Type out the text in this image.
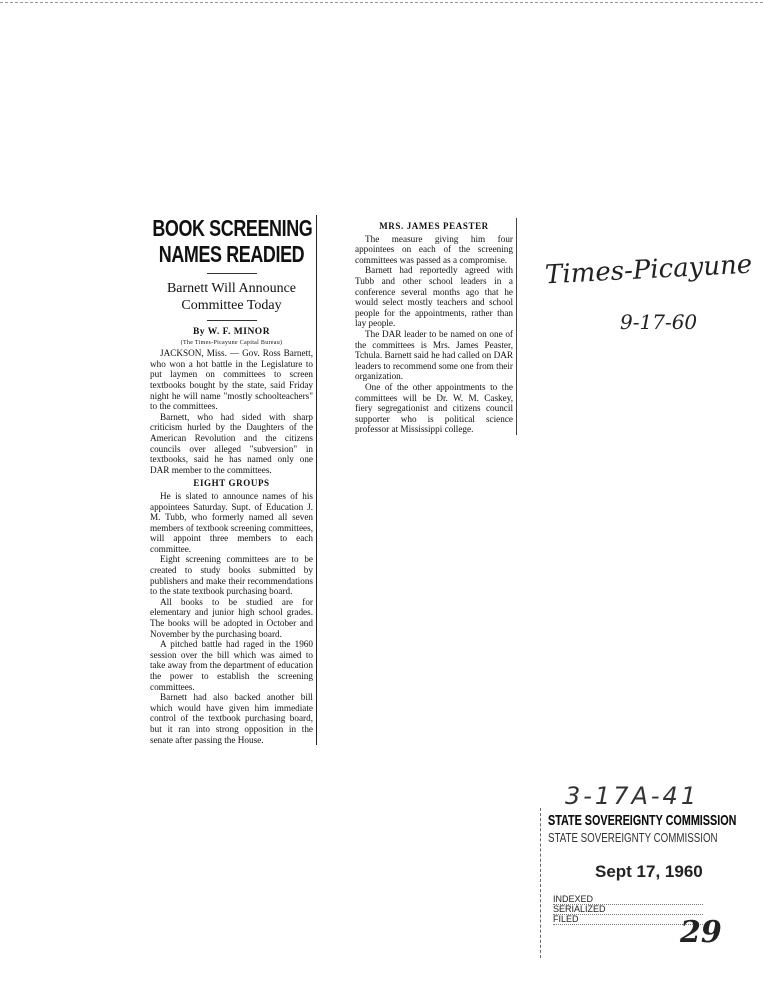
BOOK SCREENING
NAMES READIED
Barnett Will Announce
Committee Today
By W. F. MINOR
(The Times-Picayune Capital Bureau)

JACKSON, Miss. — Gov. Ross Barnett, who won a hot battle in the Legislature to put laymen on committees to screen textbooks bought by the state, said Friday night he will name "mostly schoolteachers" to the committees.

Barnett, who had sided with sharp criticism hurled by the Daughters of the American Revolution and the citizens councils over alleged "subversion" in textbooks, said he has named only one DAR member to the committees.

EIGHT GROUPS

He is slated to announce names of his appointees Saturday. Supt. of Education J. M. Tubb, who formerly named all seven members of textbook screening committees, will appoint three members to each committee.

Eight screening committees are to be created to study books submitted by publishers and make their recommendations to the state textbook purchasing board.

All books to be studied are for elementary and junior high school grades. The books will be adopted in October and November by the purchasing board.

A pitched battle had raged in the 1960 session over the bill which was aimed to take away from the department of education the power to establish the screening committees.

Barnett had also backed another bill which would have given him immediate control of the textbook purchasing board, but it ran into strong opposition in the senate after passing the House.

MRS. JAMES PEASTER

The measure giving him four appointees on each of the screening committees was passed as a compromise.

Barnett had reportedly agreed with Tubb and other school leaders in a conference several months ago that he would select mostly teachers and school people for the appointments, rather than lay people.

The DAR leader to be named on one of the committees is Mrs. James Peaster, Tchula. Barnett said he had called on DAR leaders to recommend some one from their organization.

One of the other appointments to the committees will be Dr. W. M. Caskey, fiery segregationist and citizens council supporter who is political science professor at Mississippi college.

Times-Picayune
9-17-60
3-17A-41
STATE SOVEREIGNTY COMMISSION
STATE SOVEREIGNTY COMMISSION
Sept 17, 1960
INDEXED
SERIALIZED
FILED	29
